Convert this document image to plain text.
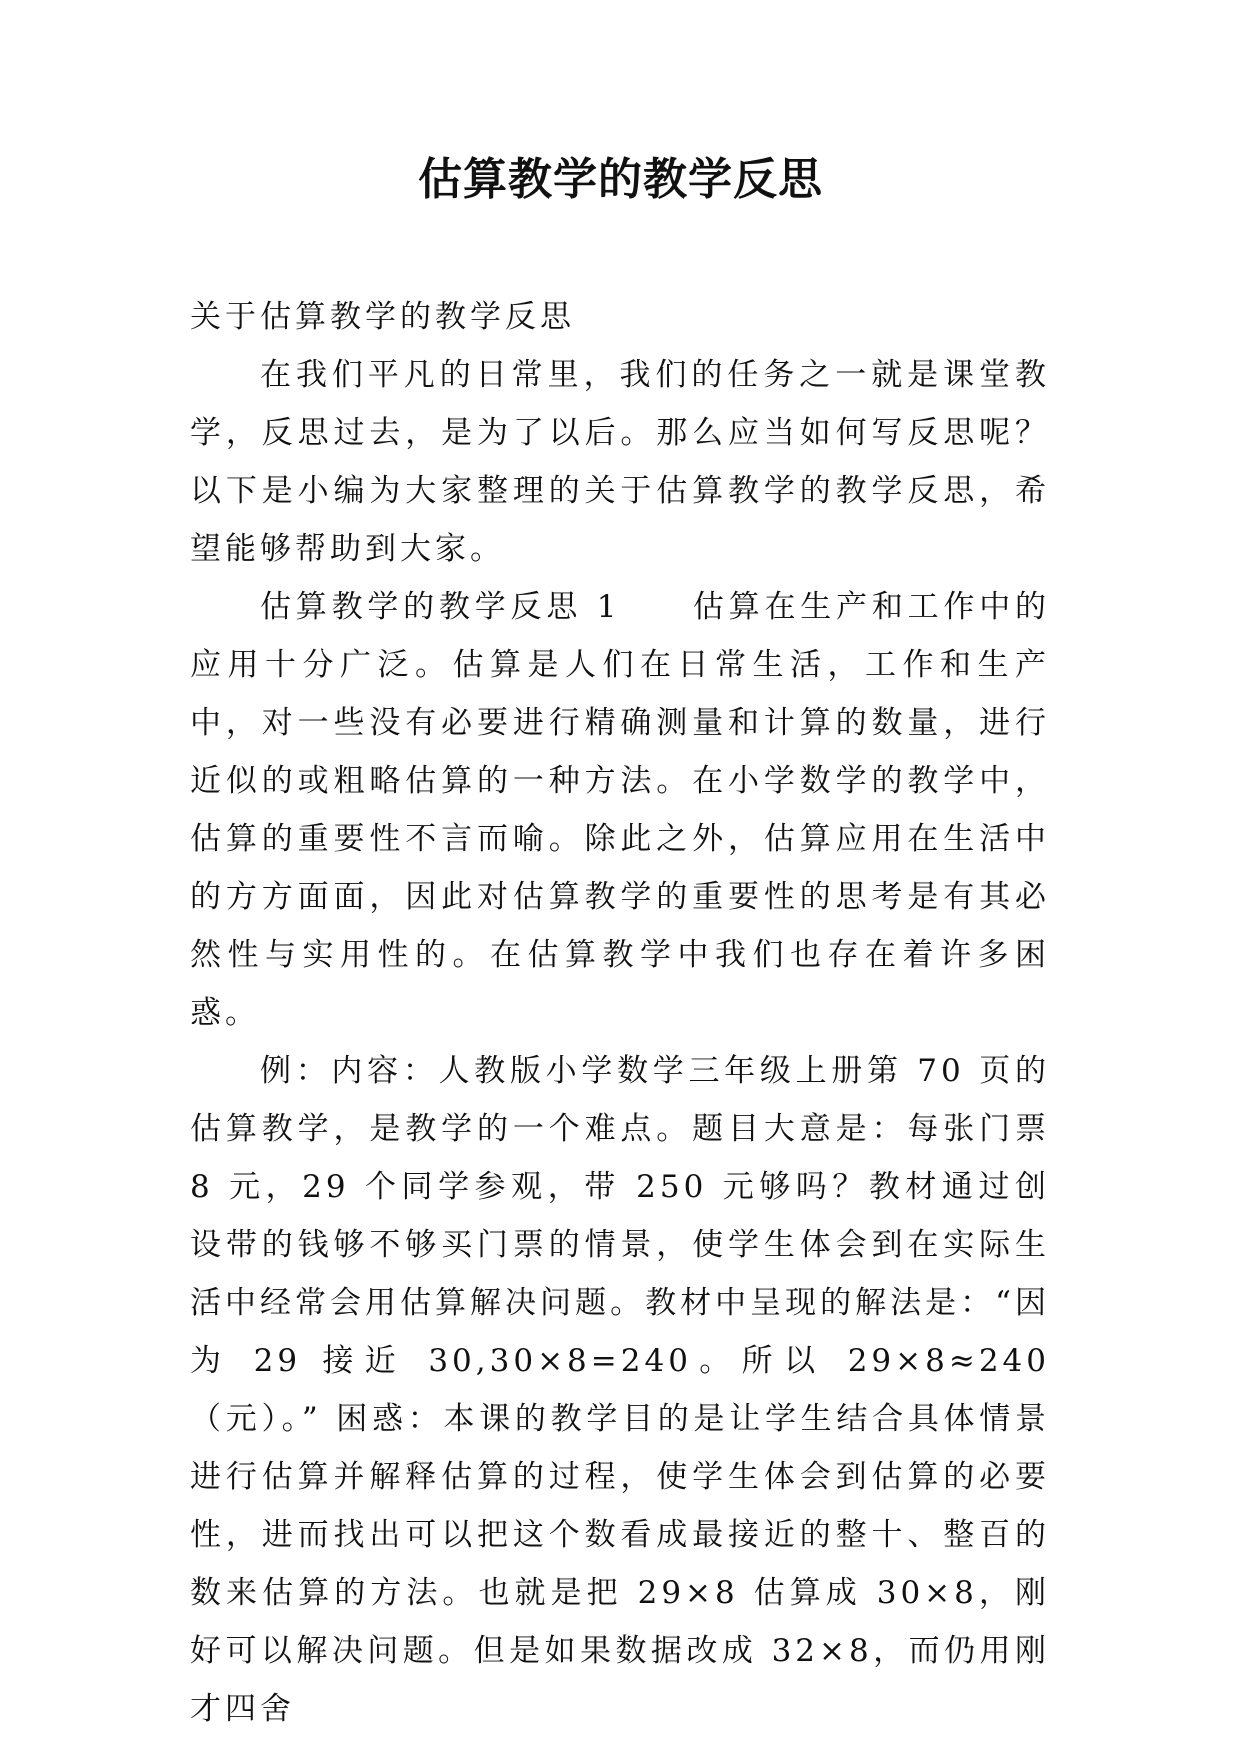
估算教学的教学反思

关于估算教学的教学反思

在我们平凡的日常里，我们的任务之一就是课堂教学，反思过去，是为了以后。那么应当如何写反思呢？以下是小编为大家整理的关于估算教学的教学反思，希望能够帮助到大家。

估算教学的教学反思 1　　估算在生产和工作中的应用十分广泛。估算是人们在日常生活，工作和生产中，对一些没有必要进行精确测量和计算的数量，进行近似的或粗略估算的一种方法。在小学数学的教学中，估算的重要性不言而喻。除此之外，估算应用在生活中的方方面面，因此对估算教学的重要性的思考是有其必然性与实用性的。在估算教学中我们也存在着许多困惑。

例：内容：人教版小学数学三年级上册第 70 页的估算教学，是教学的一个难点。题目大意是：每张门票 8 元，29 个同学参观，带 250 元够吗？教材通过创设带的钱够不够买门票的情景，使学生体会到在实际生活中经常会用估算解决问题。教材中呈现的解法是：“因为 29 接近 30,30×8=240。所以 29×8≈240（元）。” 困惑：本课的教学目的是让学生结合具体情景进行估算并解释估算的过程，使学生体会到估算的必要性，进而找出可以把这个数看成最接近的整十、整百的数来估算的方法。也就是把 29×8 估算成 30×8，刚好可以解决问题。但是如果数据改成 32×8，而仍用刚才四舍
